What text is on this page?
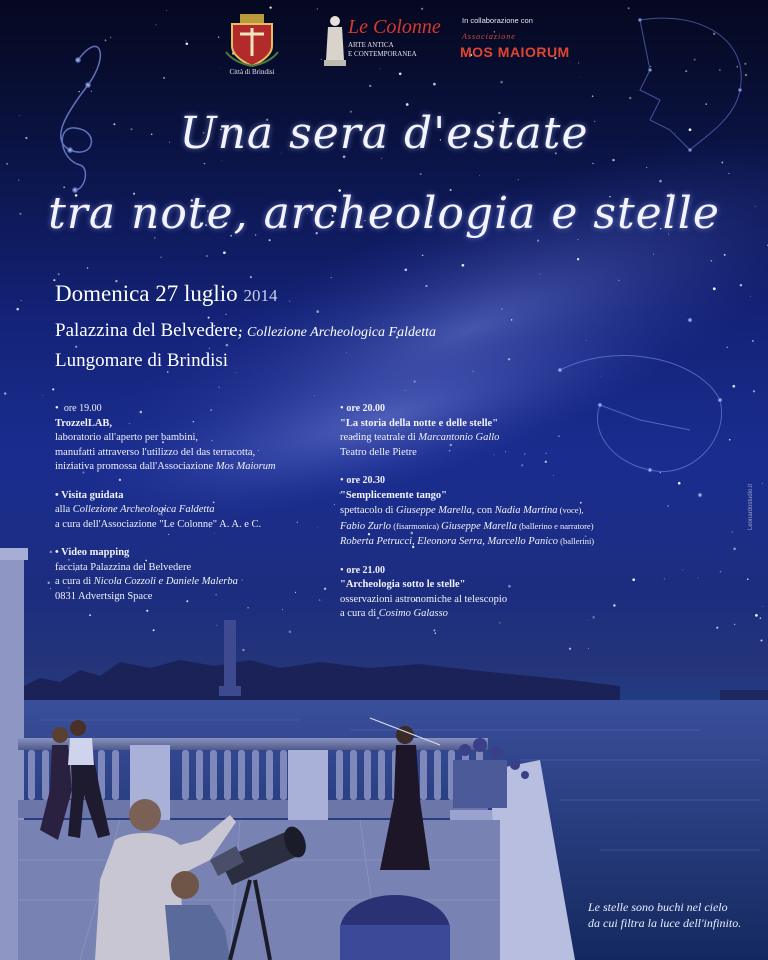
Città di Brindisi
Le Colonne
ARTE ANTICA
E CONTEMPORANEA
In collaborazione con
Associazione
MOS MAIORUM
Una sera d'estate
tra note, archeologia e stelle
Domenica 27 luglio 2014
Palazzina del Belvedere, Collezione Archeologica Faldetta
Lungomare di Brindisi
•  ore 19.00
TrozzelLAB,
laboratorio all'aperto per bambini,
manufatti attraverso l'utilizzo del das terracotta,
iniziativa promossa dall'Associazione Mos Maiorum
• Visita guidata
alla Collezione Archeologica Faldetta
a cura dell'Associazione "Le Colonne" A. A. e C.
• Video mapping
facciata Palazzina del Belvedere
a cura di Nicola Cozzoli e Daniele Malerba
0831 Advertsign Space
• ore 20.00
"La storia della notte e delle stelle"
reading teatrale di Marcantonio Gallo
Teatro delle Pietre
• ore 20.30
"Semplicemente tango"
spettacolo di Giuseppe Marella, con Nadia Martina (voce),
Fabio Zurlo (fisarmonica) Giuseppe Marella (ballerino e narratore)
Roberta Petrucci, Eleonora Serra, Marcello Panico (ballerini)
• ore 21.00
"Archeologia sotto le stelle"
osservazioni astronomiche al telescopio
a cura di Cosimo Galasso
Le stelle sono buchi nel cielo
da cui filtra la luce dell'infinito.
Leonardostudio.it
